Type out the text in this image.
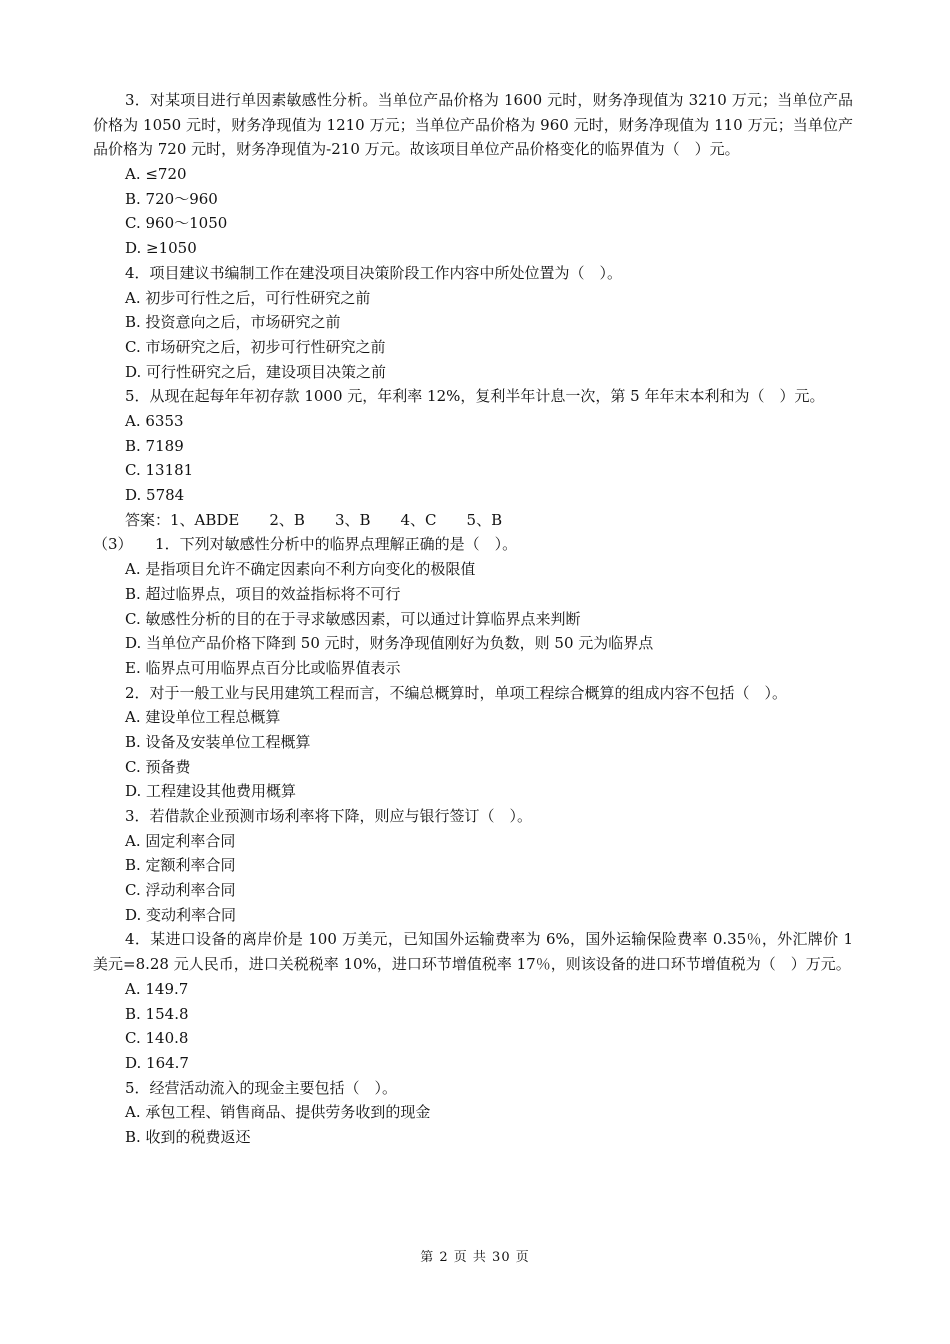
3．对某项目进行单因素敏感性分析。当单位产品价格为 1600 元时，财务净现值为 3210 万元；当单位产品价格为 1050 元时，财务净现值为 1210 万元；当单位产品价格为 960 元时，财务净现值为 110 万元；当单位产品价格为 720 元时，财务净现值为-210 万元。故该项目单位产品价格变化的临界值为（　）元。
A. ≤720
B. 720～960
C. 960～1050
D. ≥1050
4．项目建议书编制工作在建没项目决策阶段工作内容中所处位置为（　）。
A. 初步可行性之后，可行性研究之前
B. 投资意向之后，市场研究之前
C. 市场研究之后，初步可行性研究之前
D. 可行性研究之后，建设项目决策之前
5．从现在起每年年初存款 1000 元，年利率 12%，复利半年计息一次，第 5 年年末本利和为（　）元。
A. 6353
B. 7189
C. 13181
D. 5784
答案：1、ABDE　　2、B　　3、B　　4、C　　5、B
（3）　　1．下列对敏感性分析中的临界点理解正确的是（　）。
A. 是指项目允许不确定因素向不利方向变化的极限值
B. 超过临界点，项目的效益指标将不可行
C. 敏感性分析的目的在于寻求敏感因素，可以通过计算临界点来判断
D. 当单位产品价格下降到 50 元时，财务净现值刚好为负数，则 50 元为临界点
E. 临界点可用临界点百分比或临界值表示
2．对于一般工业与民用建筑工程而言，不编总概算时，单项工程综合概算的组成内容不包括（　）。
A. 建设单位工程总概算
B. 设备及安装单位工程概算
C. 预备费
D. 工程建设其他费用概算
3．若借款企业预测市场利率将下降，则应与银行签订（　）。
A. 固定利率合同
B. 定额利率合同
C. 浮动利率合同
D. 变动利率合同
4．某进口设备的离岸价是 100 万美元，已知国外运输费率为 6%，国外运输保险费率 0.35％，外汇牌价 1 美元=8.28 元人民币，进口关税税率 10%，进口环节增值税率 17％，则该设备的进口环节增值税为（　）万元。
A. 149.7
B. 154.8
C. 140.8
D. 164.7
5．经营活动流入的现金主要包括（　）。
A. 承包工程、销售商品、提供劳务收到的现金
B. 收到的税费返还
第 2 页 共 30 页
